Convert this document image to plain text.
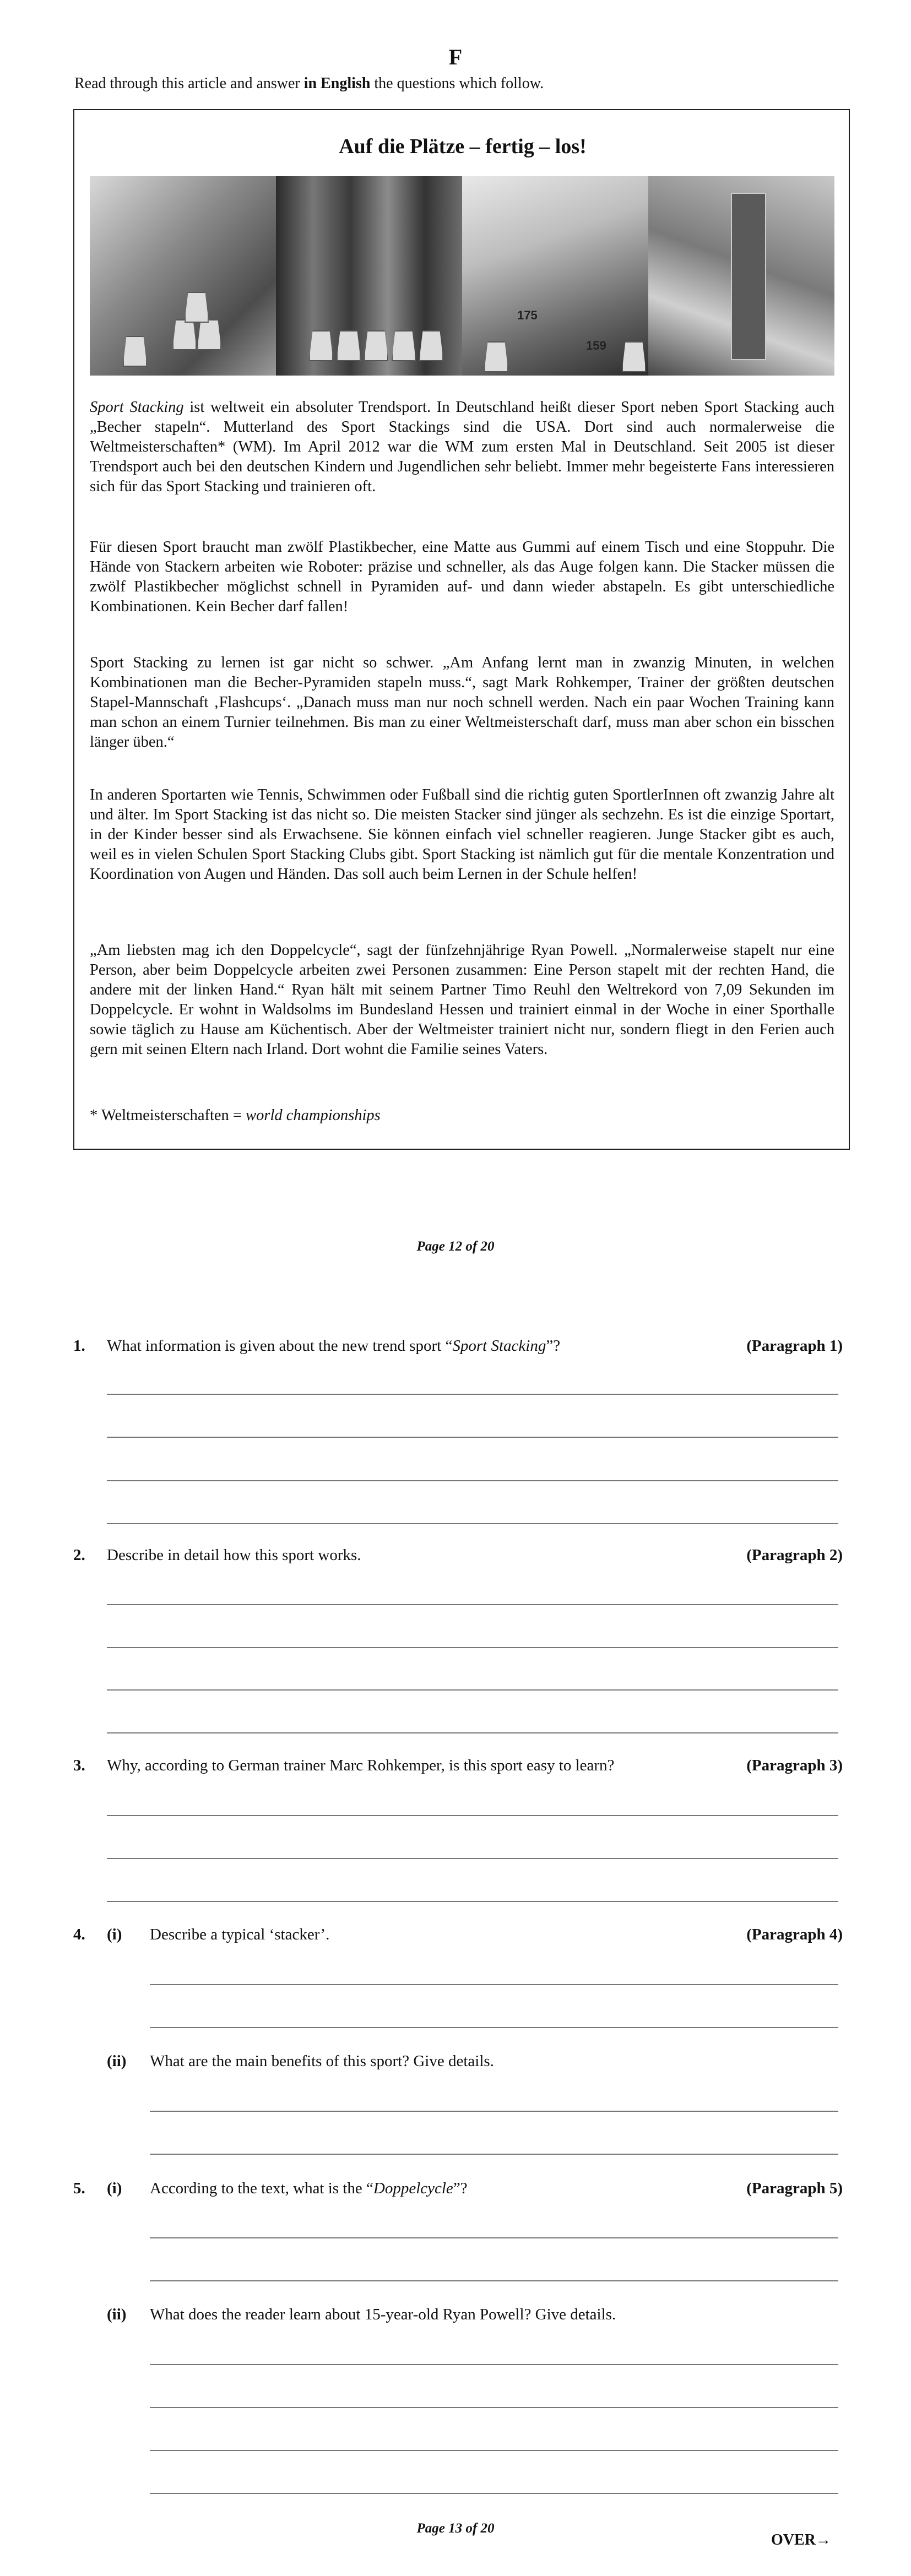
F
Read through this article and answer in English the questions which follow.
Auf die Plätze – fertig – los!
175
159
Sport Stacking ist weltweit ein absoluter Trendsport. In Deutschland heißt dieser Sport neben Sport Stacking auch „Becher stapeln“. Mutterland des Sport Stackings sind die USA. Dort sind auch normalerweise die Weltmeisterschaften* (WM). Im April 2012 war die WM zum ersten Mal in Deutschland. Seit 2005 ist dieser Trendsport auch bei den deutschen Kindern und Jugendlichen sehr beliebt. Immer mehr begeisterte Fans interessieren sich für das Sport Stacking und trainieren oft.
Für diesen Sport braucht man zwölf Plastikbecher, eine Matte aus Gummi auf einem Tisch und eine Stoppuhr. Die Hände von Stackern arbeiten wie Roboter: präzise und schneller, als das Auge folgen kann. Die Stacker müssen die zwölf Plastikbecher möglichst schnell in Pyramiden auf- und dann wieder abstapeln. Es gibt unterschiedliche Kombinationen. Kein Becher darf fallen!
Sport Stacking zu lernen ist gar nicht so schwer. „Am Anfang lernt man in zwanzig Minuten, in welchen Kombinationen man die Becher-Pyramiden stapeln muss.“, sagt Mark Rohkemper, Trainer der größten deutschen Stapel-Mannschaft ‚Flashcups‘. „Danach muss man nur noch schnell werden. Nach ein paar Wochen Training kann man schon an einem Turnier teilnehmen. Bis man zu einer Weltmeisterschaft darf, muss man aber schon ein bisschen länger üben.“
In anderen Sportarten wie Tennis, Schwimmen oder Fußball sind die richtig guten SportlerInnen oft zwanzig Jahre alt und älter. Im Sport Stacking ist das nicht so. Die meisten Stacker sind jünger als sechzehn. Es ist die einzige Sportart, in der Kinder besser sind als Erwachsene. Sie können einfach viel schneller reagieren. Junge Stacker gibt es auch, weil es in vielen Schulen Sport Stacking Clubs gibt. Sport Stacking ist nämlich gut für die mentale Konzentration und Koordination von Augen und Händen. Das soll auch beim Lernen in der Schule helfen!
„Am liebsten mag ich den Doppelcycle“, sagt der fünfzehnjährige Ryan Powell. „Normalerweise stapelt nur eine Person, aber beim Doppelcycle arbeiten zwei Personen zusammen: Eine Person stapelt mit der rechten Hand, die andere mit der linken Hand.“ Ryan hält mit seinem Partner Timo Reuhl den Weltrekord von 7,09 Sekunden im Doppelcycle. Er wohnt in Waldsolms im Bundesland Hessen und trainiert einmal in der Woche in einer Sporthalle sowie täglich zu Hause am Küchentisch. Aber der Weltmeister trainiert nicht nur, sondern fliegt in den Ferien auch gern mit seinen Eltern nach Irland. Dort wohnt die Familie seines Vaters.
* Weltmeisterschaften = world championships
Page 12 of 20
1. What information is given about the new trend sport “Sport Stacking”?	(Paragraph 1)
2. Describe in detail how this sport works.	(Paragraph 2)
3. Why, according to German trainer Marc Rohkemper, is this sport easy to learn?	(Paragraph 3)
4. (i) Describe a typical ‘stacker’.	(Paragraph 4)
(ii) What are the main benefits of this sport? Give details.
5. (i) According to the text, what is the “Doppelcycle”?	(Paragraph 5)
(ii) What does the reader learn about 15-year-old Ryan Powell? Give details.
Page 13 of 20
OVER→
